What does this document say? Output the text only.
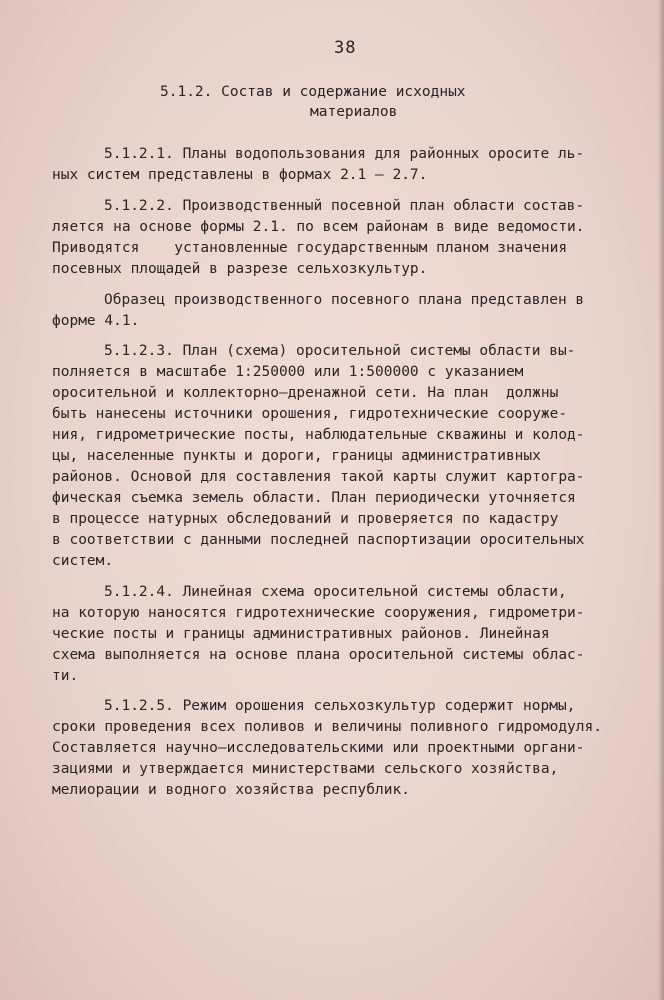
38
5.1.2. Состав и содержание исходных
материалов
5.1.2.1. Планы водопользования для районных оросите ль-
ных систем представлены в формах 2.1 – 2.7.
5.1.2.2. Производственный посевной план области состав-
ляется на основе формы 2.1. по всем районам в виде ведомости.
Приводятся    установленные государственным планом значения
посевных площадей в разрезе сельхозкультур.
Образец производственного посевного плана представлен в
форме 4.1.
5.1.2.3. План (схема) оросительной системы области вы-
полняется в масштабе 1:250000 или 1:500000 с указанием
оросительной и коллекторно–дренажной сети. На план  должны
быть нанесены источники орошения, гидротехнические сооруже-
ния, гидрометрические посты, наблюдательные скважины и колод-
цы, населенные пункты и дороги, границы административных
районов. Основой для составления такой карты служит картогра-
фическая съемка земель области. План периодически уточняется
в процессе натурных обследований и проверяется по кадастру
в соответствии с данными последней паспортизации оросительных
систем.
5.1.2.4. Линейная схема оросительной системы области,
на которую наносятся гидротехнические сооружения, гидрометри-
ческие посты и границы административных районов. Линейная
схема выполняется на основе плана оросительной системы облас-
ти.
5.1.2.5. Режим орошения сельхозкультур содержит нормы,
сроки проведения всех поливов и величины поливного гидромодуля.
Составляется научно–исследовательскими или проектными органи-
зациями и утверждается министерствами сельского хозяйства,
мелиорации и водного хозяйства республик.
